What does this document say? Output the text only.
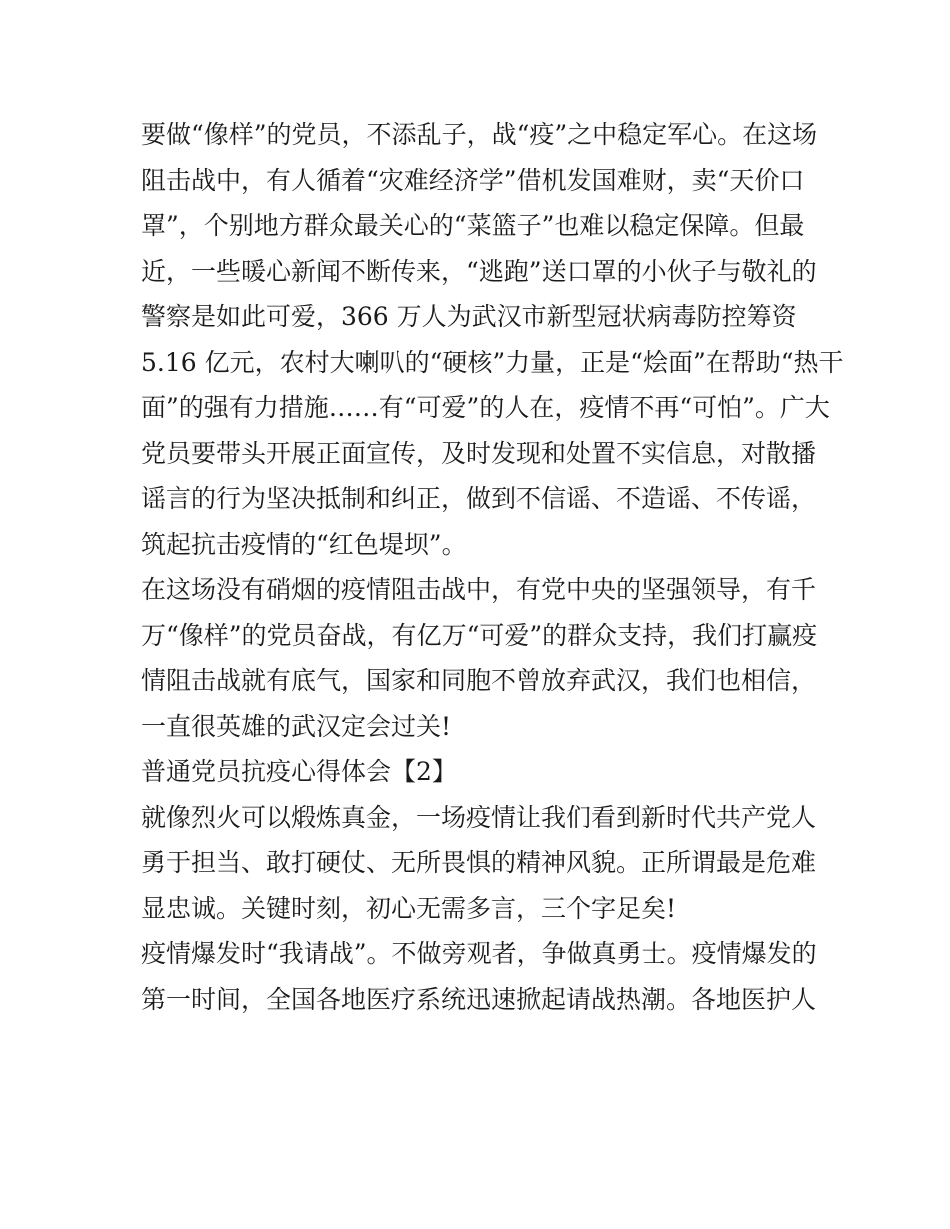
要做“像样”的党员，不添乱子，战“疫”之中稳定军心。在这场
阻击战中，有人循着“灾难经济学”借机发国难财，卖“天价口
罩”，个别地方群众最关心的“菜篮子”也难以稳定保障。但最
近，一些暖心新闻不断传来，“逃跑”送口罩的小伙子与敬礼的
警察是如此可爱，366 万人为武汉市新型冠状病毒防控筹资
5.16 亿元，农村大喇叭的“硬核”力量，正是“烩面”在帮助“热干
面”的强有力措施……有“可爱”的人在，疫情不再“可怕”。广大
党员要带头开展正面宣传，及时发现和处置不实信息，对散播
谣言的行为坚决抵制和纠正，做到不信谣、不造谣、不传谣，
筑起抗击疫情的“红色堤坝”。
在这场没有硝烟的疫情阻击战中，有党中央的坚强领导，有千
万“像样”的党员奋战，有亿万“可爱”的群众支持，我们打赢疫
情阻击战就有底气，国家和同胞不曾放弃武汉，我们也相信，
一直很英雄的武汉定会过关!
普通党员抗疫心得体会【2】
就像烈火可以煅炼真金，一场疫情让我们看到新时代共产党人
勇于担当、敢打硬仗、无所畏惧的精神风貌。正所谓最是危难
显忠诚。关键时刻，初心无需多言，三个字足矣!
疫情爆发时“我请战”。不做旁观者，争做真勇士。疫情爆发的
第一时间，全国各地医疗系统迅速掀起请战热潮。各地医护人
